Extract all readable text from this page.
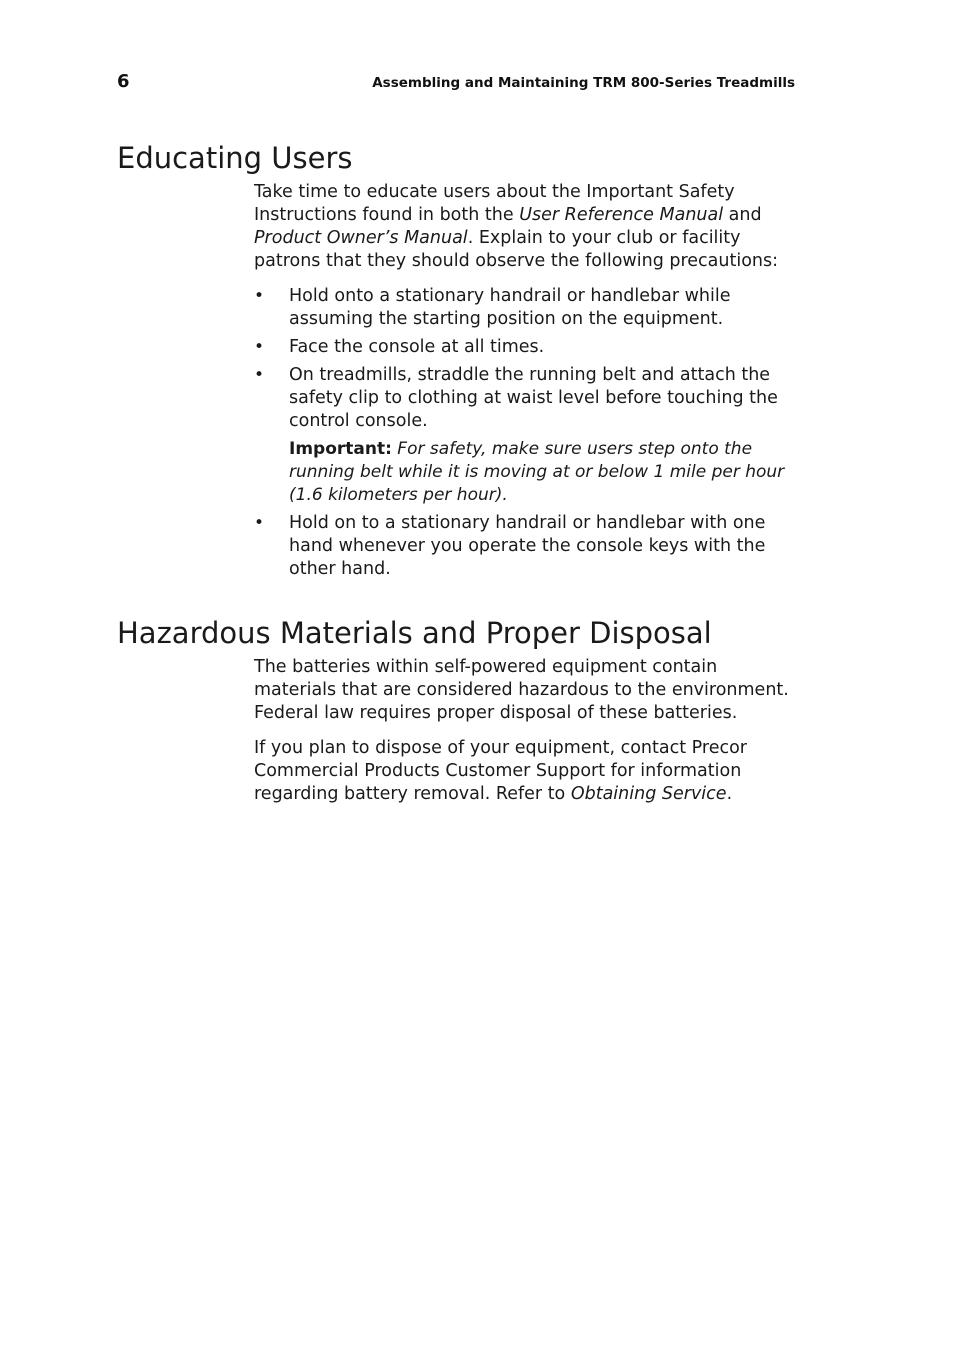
6	Assembling and Maintaining TRM 800-Series Treadmills
Educating Users

Take time to educate users about the Important Safety Instructions found in both the User Reference Manual and Product Owner’s Manual. Explain to your club or facility patrons that they should observe the following precautions:

• Hold onto a stationary handrail or handlebar while assuming the starting position on the equipment.
• Face the console at all times.
• On treadmills, straddle the running belt and attach the safety clip to clothing at waist level before touching the control console.
Important: For safety, make sure users step onto the running belt while it is moving at or below 1 mile per hour (1.6 kilometers per hour).
• Hold on to a stationary handrail or handlebar with one hand whenever you operate the console keys with the other hand.
Hazardous Materials and Proper Disposal

The batteries within self-powered equipment contain materials that are considered hazardous to the environment. Federal law requires proper disposal of these batteries.

If you plan to dispose of your equipment, contact Precor Commercial Products Customer Support for information regarding battery removal. Refer to Obtaining Service.
